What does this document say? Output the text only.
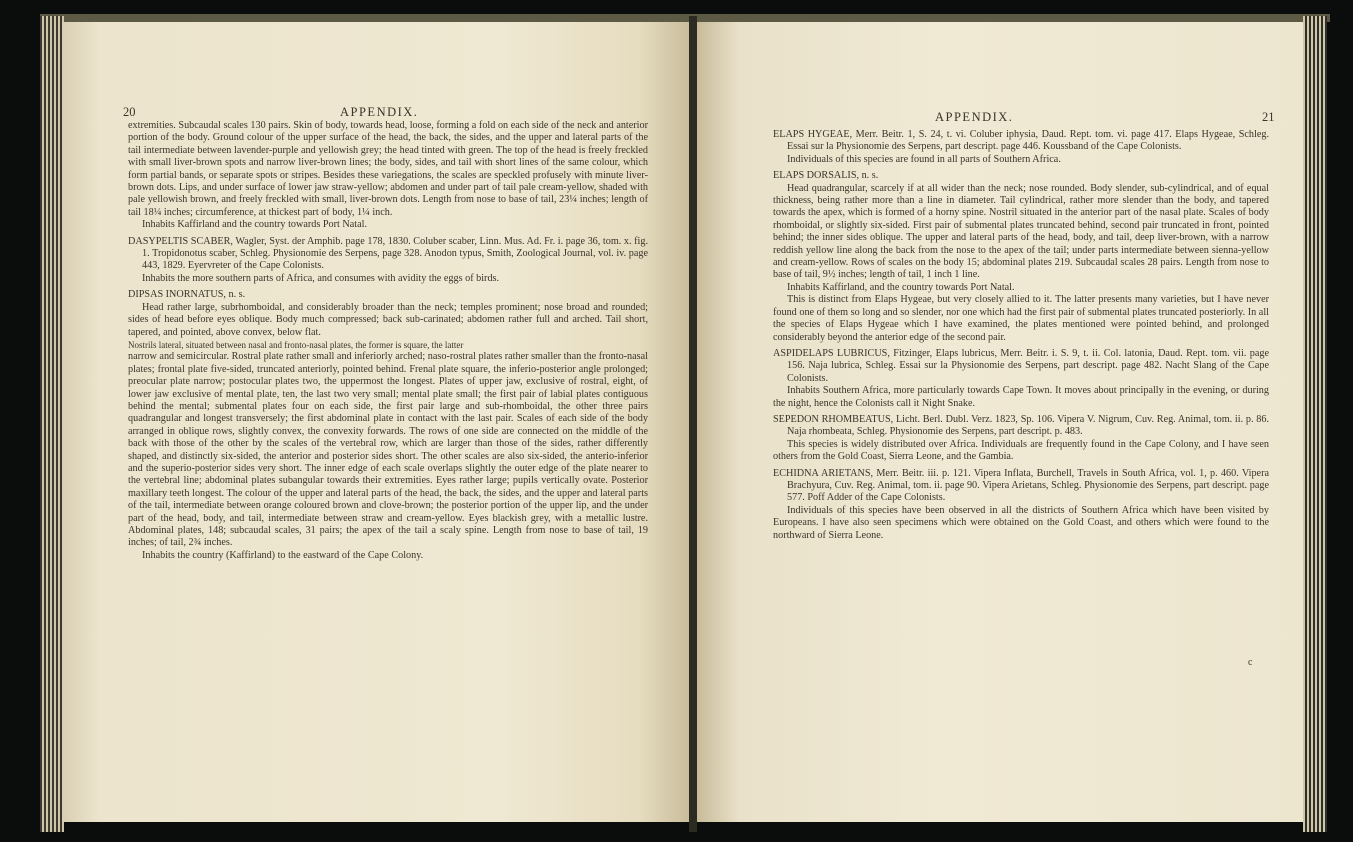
20	APPENDIX.

extremities. Subcaudal scales 130 pairs. Skin of body, towards head, loose, forming a fold on each side of the neck and anterior portion of the body. Ground colour of the upper surface of the head, the back, the sides, and the upper and lateral parts of the tail intermediate between lavender-purple and yellowish grey; the head tinted with green. The top of the head is freely freckled with small liver-brown spots and narrow liver-brown lines; the body, sides, and tail with short lines of the same colour, which form partial bands, or separate spots or stripes. Besides these variegations, the scales are speckled profusely with minute liver-brown dots. Lips, and under surface of lower jaw straw-yellow; abdomen and under part of tail pale cream-yellow, shaded with pale yellowish brown, and freely freckled with small, liver-brown dots. Length from nose to base of tail, 23¼ inches; length of tail 18¼ inches; circumference, at thickest part of body, 1¼ inch.

Inhabits Kaffirland and the country towards Port Natal.

DASYPELTIS SCABER, Wagler, Syst. der Amphib. page 178, 1830. Coluber scaber, Linn. Mus. Ad. Fr. i. page 36, tom. x. fig. 1. Tropidonotus scaber, Schleg. Physionomie des Serpens, page 328. Anodon typus, Smith, Zoological Journal, vol. iv. page 443, 1829. Eyervreter of the Cape Colonists.

Inhabits the more southern parts of Africa, and consumes with avidity the eggs of birds.

DIPSAS INORNATUS, n. s.

Head rather large, subrhomboidal, and considerably broader than the neck; temples prominent; nose broad and rounded; sides of head before eyes oblique. Body much compressed; back sub-carinated; abdomen rather full and arched. Tail short, tapered, and pointed, above convex, below flat.

Nostrils lateral, situated between nasal and fronto-nasal plates, the former is square, the latter

narrow and semicircular. Rostral plate rather small and inferiorly arched; naso-rostral plates rather smaller than the fronto-nasal plates; frontal plate five-sided, truncated anteriorly, pointed behind. Frenal plate square, the inferio-posterior angle prolonged; preocular plate narrow; postocular plates two, the uppermost the longest. Plates of upper jaw, exclusive of rostral, eight, of lower jaw exclusive of mental plate, ten, the last two very small; mental plate small; the first pair of labial plates contiguous behind the mental; submental plates four on each side, the first pair large and sub-rhomboidal, the other three pairs quadrangular and longest transversely; the first abdominal plate in contact with the last pair. Scales of each side of the body arranged in oblique rows, slightly convex, the convexity forwards. The rows of one side are connected on the middle of the back with those of the other by the scales of the vertebral row, which are larger than those of the sides, rather differently shaped, and distinctly six-sided, the anterior and posterior sides short. The other scales are also six-sided, the anterio-inferior and the superio-posterior sides very short. The inner edge of each scale overlaps slightly the outer edge of the plate nearer to the vertebral line; abdominal plates subangular towards their extremities. Eyes rather large; pupils vertically ovate. Posterior maxillary teeth longest. The colour of the upper and lateral parts of the head, the back, the sides, and the upper and lateral parts of the tail, intermediate between orange coloured brown and clove-brown; the posterior portion of the upper lip, and the under part of the head, body, and tail, intermediate between straw and cream-yellow. Eyes blackish grey, with a metallic lustre. Abdominal plates, 148; subcaudal scales, 31 pairs; the apex of the tail a scaly spine. Length from nose to base of tail, 19 inches; of tail, 2¾ inches.

Inhabits the country (Kaffirland) to the eastward of the Cape Colony.

APPENDIX.	21

ELAPS HYGEAE, Merr. Beitr. 1, S. 24, t. vi. Coluber iphysia, Daud. Rept. tom. vi. page 417. Elaps Hygeae, Schleg. Essai sur la Physionomie des Serpens, part descript. page 446. Koussband of the Cape Colonists.

Individuals of this species are found in all parts of Southern Africa.

ELAPS DORSALIS, n. s.

Head quadrangular, scarcely if at all wider than the neck; nose rounded. Body slender, sub-cylindrical, and of equal thickness, being rather more than a line in diameter. Tail cylindrical, rather more slender than the body, and tapered towards the apex, which is formed of a horny spine. Nostril situated in the anterior part of the nasal plate. Scales of body rhomboidal, or slightly six-sided. First pair of submental plates truncated behind, second pair truncated in front, pointed behind; the inner sides oblique. The upper and lateral parts of the head, body, and tail, deep liver-brown, with a narrow reddish yellow line along the back from the nose to the apex of the tail; under parts intermediate between sienna-yellow and cream-yellow. Rows of scales on the body 15; abdominal plates 219. Subcaudal scales 28 pairs. Length from nose to base of tail, 9½ inches; length of tail, 1 inch 1 line.

Inhabits Kaffirland, and the country towards Port Natal.

This is distinct from Elaps Hygeae, but very closely allied to it. The latter presents many varieties, but I have never found one of them so long and so slender, nor one which had the first pair of submental plates truncated posteriorly. In all the species of Elaps Hygeae which I have examined, the plates mentioned were pointed behind, and prolonged considerably beyond the anterior edge of the second pair.

ASPIDELAPS LUBRICUS, Fitzinger, Elaps lubricus, Merr. Beitr. i. S. 9, t. ii. Col. latonia, Daud. Rept. tom. vii. page 156. Naja lubrica, Schleg. Essai sur la Physionomie des Serpens, part descript. page 482. Nacht Slang of the Cape Colonists.

Inhabits Southern Africa, more particularly towards Cape Town. It moves about principally in the evening, or during the night, hence the Colonists call it Night Snake.

SEPEDON RHOMBEATUS, Licht. Berl. Dubl. Verz. 1823, Sp. 106. Vipera V. Nigrum, Cuv. Reg. Animal, tom. ii. p. 86. Naja rhombeata, Schleg. Physionomie des Serpens, part descript. p. 483.

This species is widely distributed over Africa. Individuals are frequently found in the Cape Colony, and I have seen others from the Gold Coast, Sierra Leone, and the Gambia.

ECHIDNA ARIETANS, Merr. Beitr. iii. p. 121. Vipera Inflata, Burchell, Travels in South Africa, vol. 1, p. 460. Vipera Brachyura, Cuv. Reg. Animal, tom. ii. page 90. Vipera Arietans, Schleg. Physionomie des Serpens, part descript. page 577. Poff Adder of the Cape Colonists.

Individuals of this species have been observed in all the districts of Southern Africa which have been visited by Europeans. I have also seen specimens which were obtained on the Gold Coast, and others which were found to the northward of Sierra Leone.

c
